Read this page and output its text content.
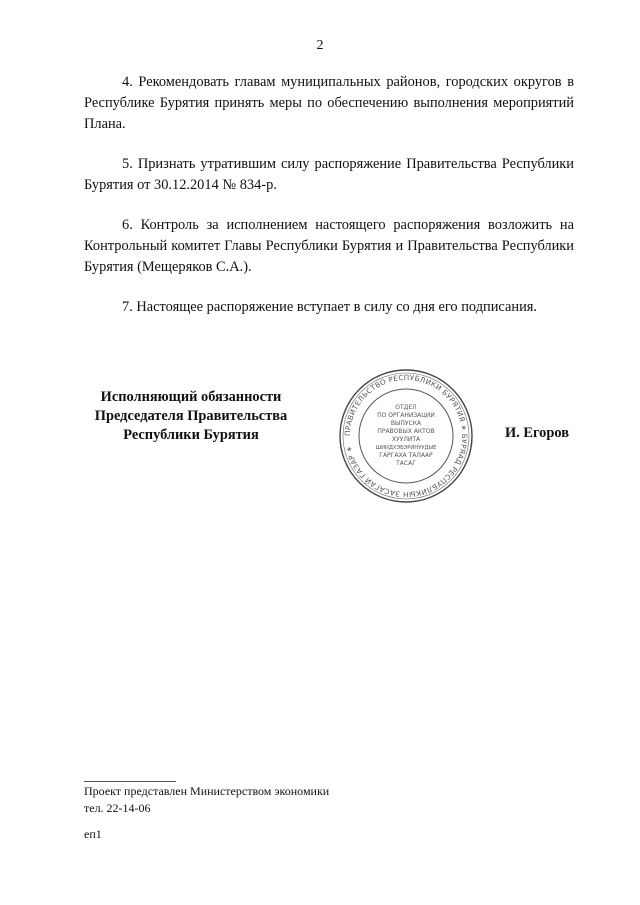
2

4. Рекомендовать главам муниципальных районов, городских округов в Республике Бурятия принять меры по обеспечению выполнения мероприятий Плана.

5. Признать утратившим силу распоряжение Правительства Республики Бурятия от 30.12.2014 № 834-р.

6. Контроль за исполнением настоящего распоряжения возложить на Контрольный комитет Главы Республики Бурятия и Правительства Республики Бурятия (Мещеряков С.А.).

7. Настоящее распоряжение вступает в силу со дня его подписания.

Исполняющий обязанности
Председателя Правительства
Республики Бурятия	ПРАВИТЕЛЬСТВО РЕСПУБЛИКИ БУРЯТИЯ ∗ БУРЯАД РЕСПУБЛИКЫН ЗАСАГАЙ ГАЗАР ∗
ОТДЕЛ
ПО ОРГАНИЗАЦИИ
ВЫПУСКА
ПРАВОВЫХ АКТОВ
ХУУЛИТА
ШИИДХЭБЭРИНУУДЫЕ
ГАРГАХА ТАЛААР
ТАСАГ
И. Егоров
Проект представлен Министерством экономики
тел. 22-14-06
еп1
